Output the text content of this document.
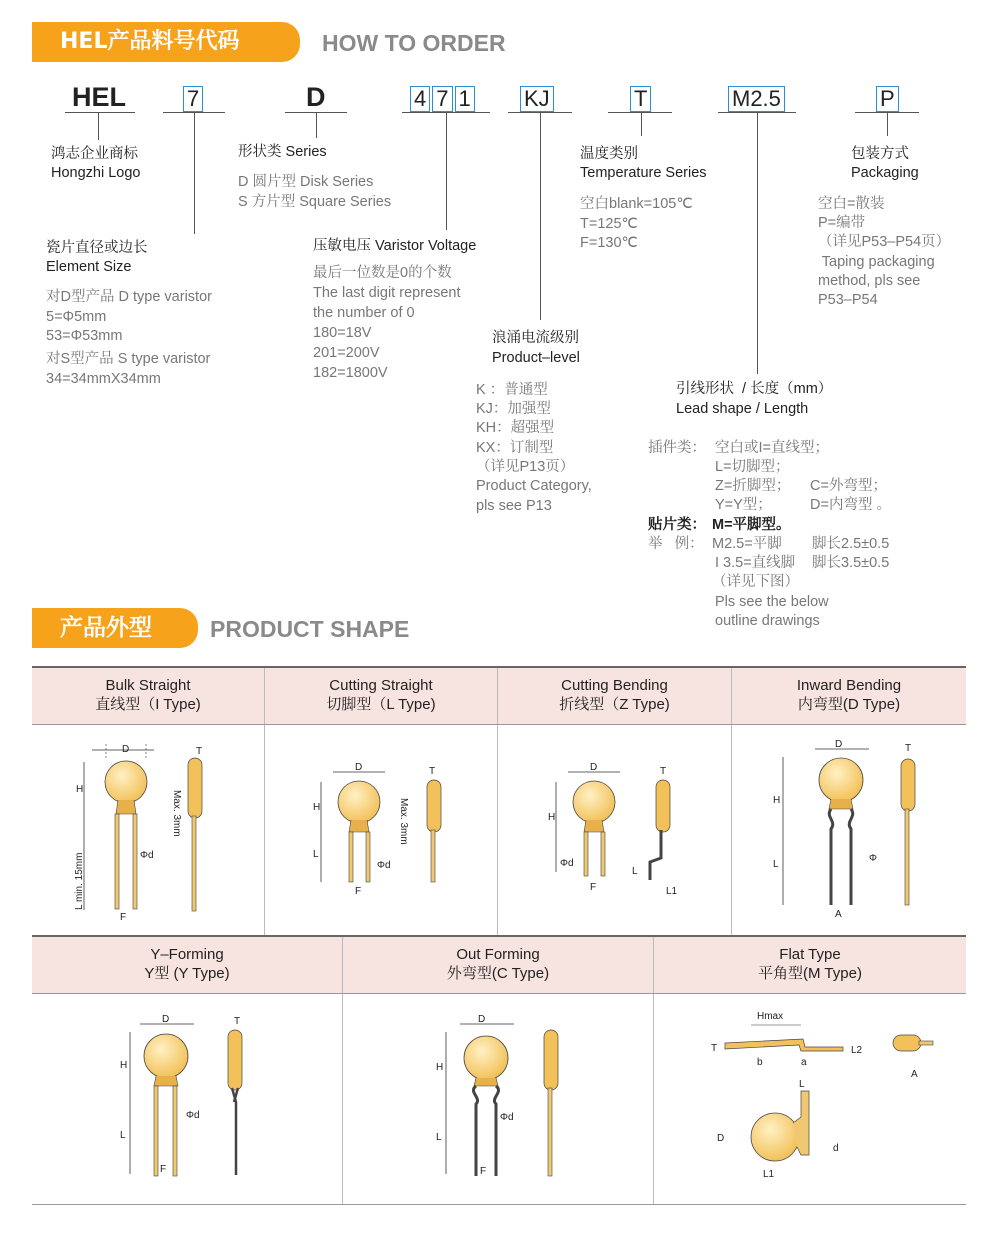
HEL产品料号代码	HOW TO ORDER
HEL	7	D	4 7 1 KJ	T	M2.5	P
鸿志企业商标
Hongzhi Logo
形状类 Series
D 圆片型 Disk Series
S 方片型 Square Series
温度类别
Temperature Series
空白blank=105℃
T=125℃
F=130℃
包装方式
Packaging
空白=散装
P=编带
（详见P53–P54页）
Taping packaging
method, pls see
P53–P54
瓷片直径或边长
Element Size
对D型产品 D type varistor
5=Φ5mm
53=Φ53mm
对S型产品 S type varistor
34=34mmX34mm
压敏电压 Varistor Voltage
最后一位数是0的个数
The last digit represent
the number of 0
180=18V
201=200V
182=1800V
浪涌电流级别
Product–level
K ：普通型
KJ：加强型
KH：超强型
KX：订制型
（详见P13页）
Product Category,
pls see P13
引线形状  / 长度（mm）
Lead shape / Length
插件类： 空白或I=直线型；
L=切脚型；
Z=折脚型； C=外弯型；
Y=Y型；	D=内弯型 。
贴片类： M=平脚型。
举   例： M2.5=平脚 脚长2.5±0.5
I 3.5=直线脚 脚长3.5±0.5
（详见下图）
Pls see the below
outline drawings
产品外型	PRODUCT SHAPE
Bulk Straight
直线型（I Type)
Cutting Straight
切脚型（L Type)
Cutting Bending
折线型（Z Type)
Inward Bending
内弯型(D Type)
Y–Forming
Y型 (Y Type)
Out Forming
外弯型(C Type)
Flat Type
平角型(M Type)
D
H
L min. 15mm
F
Φd
Max. 3mm
T
D
H
L
F
Φd
Max. 3mm
T	D
H
Φd
F
T
L
L1
D
H
L
A
Φ
T
D
H
L
F
Φd
T	D
H
L
F
Φd
Hmax
T
b	a
L2
A
L
D
d
L1
